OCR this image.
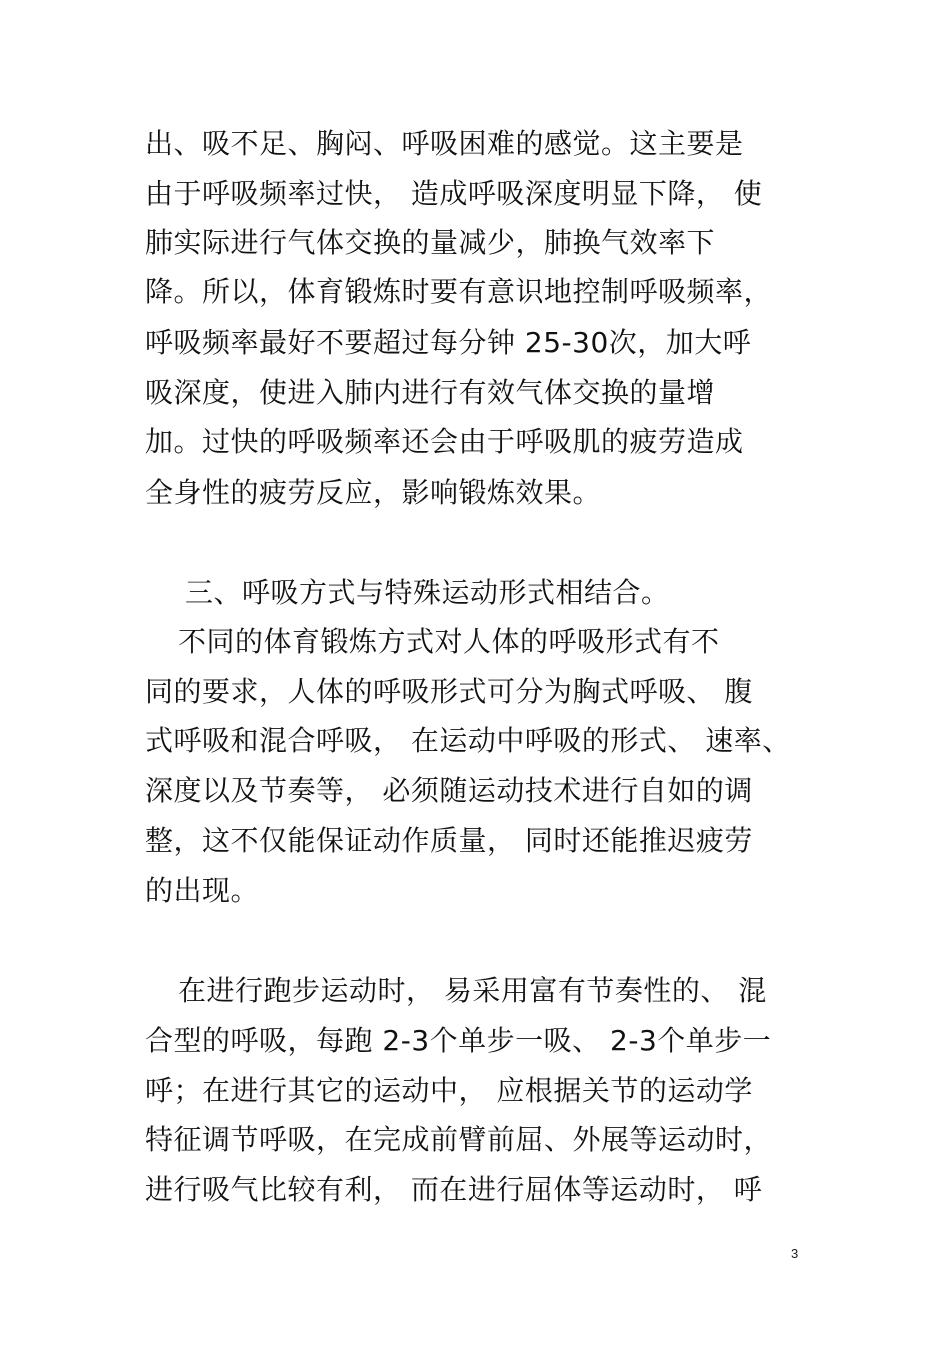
出、吸不足、胸闷、呼吸困难的感觉。这主要是
由于呼吸频率过快， 造成呼吸深度明显下降， 使
肺实际进行气体交换的量减少，肺换气效率下
降。所以，体育锻炼时要有意识地控制呼吸频率，
呼吸频率最好不要超过每分钟 25-30次，加大呼
吸深度，使进入肺内进行有效气体交换的量增
加。过快的呼吸频率还会由于呼吸肌的疲劳造成
全身性的疲劳反应，影响锻炼效果。
三、呼吸方式与特殊运动形式相结合。
不同的体育锻炼方式对人体的呼吸形式有不
同的要求，人体的呼吸形式可分为胸式呼吸、 腹
式呼吸和混合呼吸， 在运动中呼吸的形式、 速率、
深度以及节奏等， 必须随运动技术进行自如的调
整，这不仅能保证动作质量， 同时还能推迟疲劳
的出现。
在进行跑步运动时， 易采用富有节奏性的、 混
合型的呼吸，每跑 2-3个单步一吸、 2-3个单步一
呼；在进行其它的运动中， 应根据关节的运动学
特征调节呼吸，在完成前臂前屈、外展等运动时，
进行吸气比较有利， 而在进行屈体等运动时， 呼
3
